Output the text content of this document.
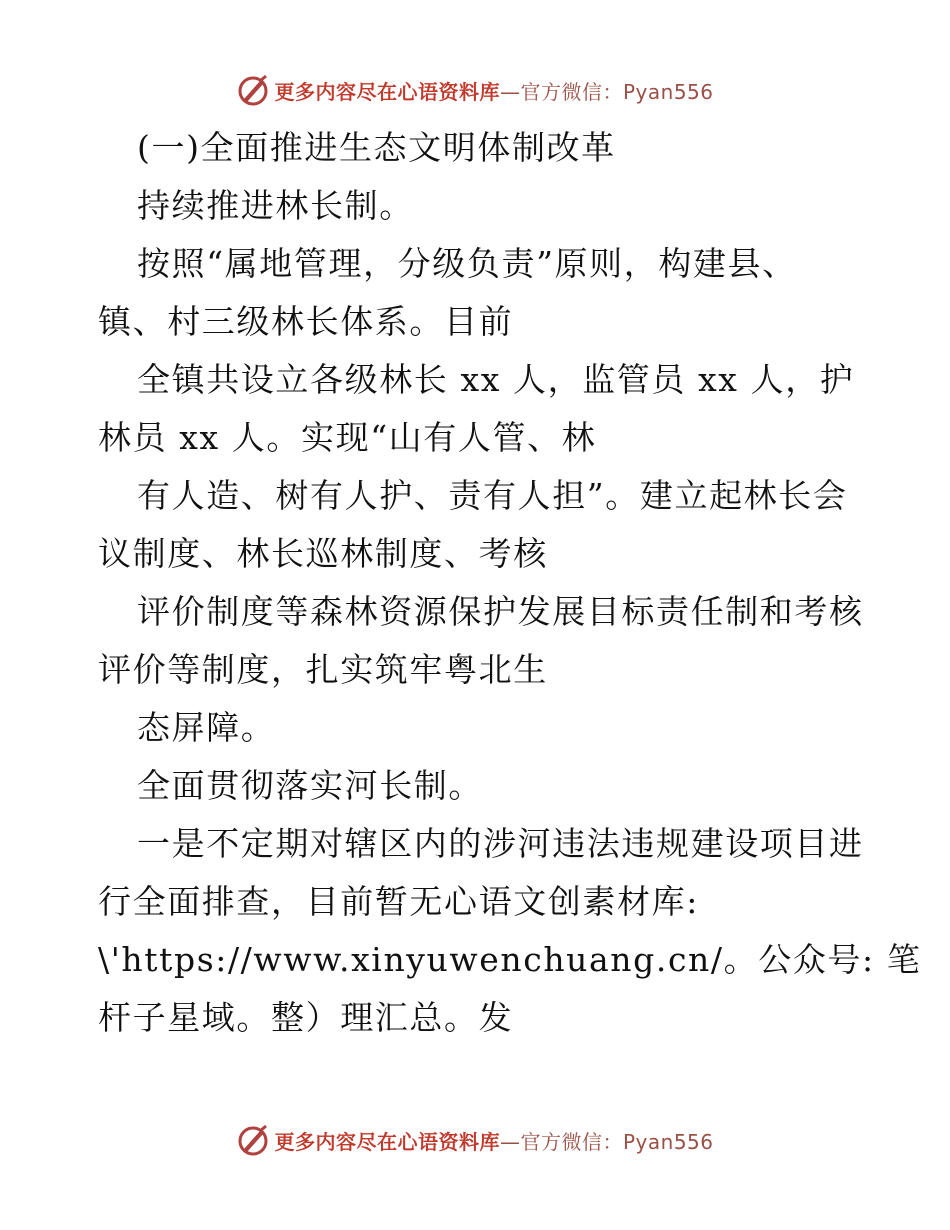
更多内容尽在心语资料库—官方微信：Pyan556
(一)全面推进生态文明体制改革
持续推进林长制。
按照“属地管理，分级负责”原则，构建县、
镇、村三级林长体系。目前
全镇共设立各级林长 xx 人，监管员 xx 人，护
林员 xx 人。实现“山有人管、林
有人造、树有人护、责有人担”。建立起林长会
议制度、林长巡林制度、考核
评价制度等森林资源保护发展目标责任制和考核
评价等制度，扎实筑牢粤北生
态屏障。
全面贯彻落实河长制。
一是不定期对辖区内的涉河违法违规建设项目进
行全面排查，目前暂无心语文创素材库:
\'https://www.xinyuwenchuang.cn/。公众号: 笔
杆子星域。整）理汇总。发
更多内容尽在心语资料库—官方微信：Pyan556
